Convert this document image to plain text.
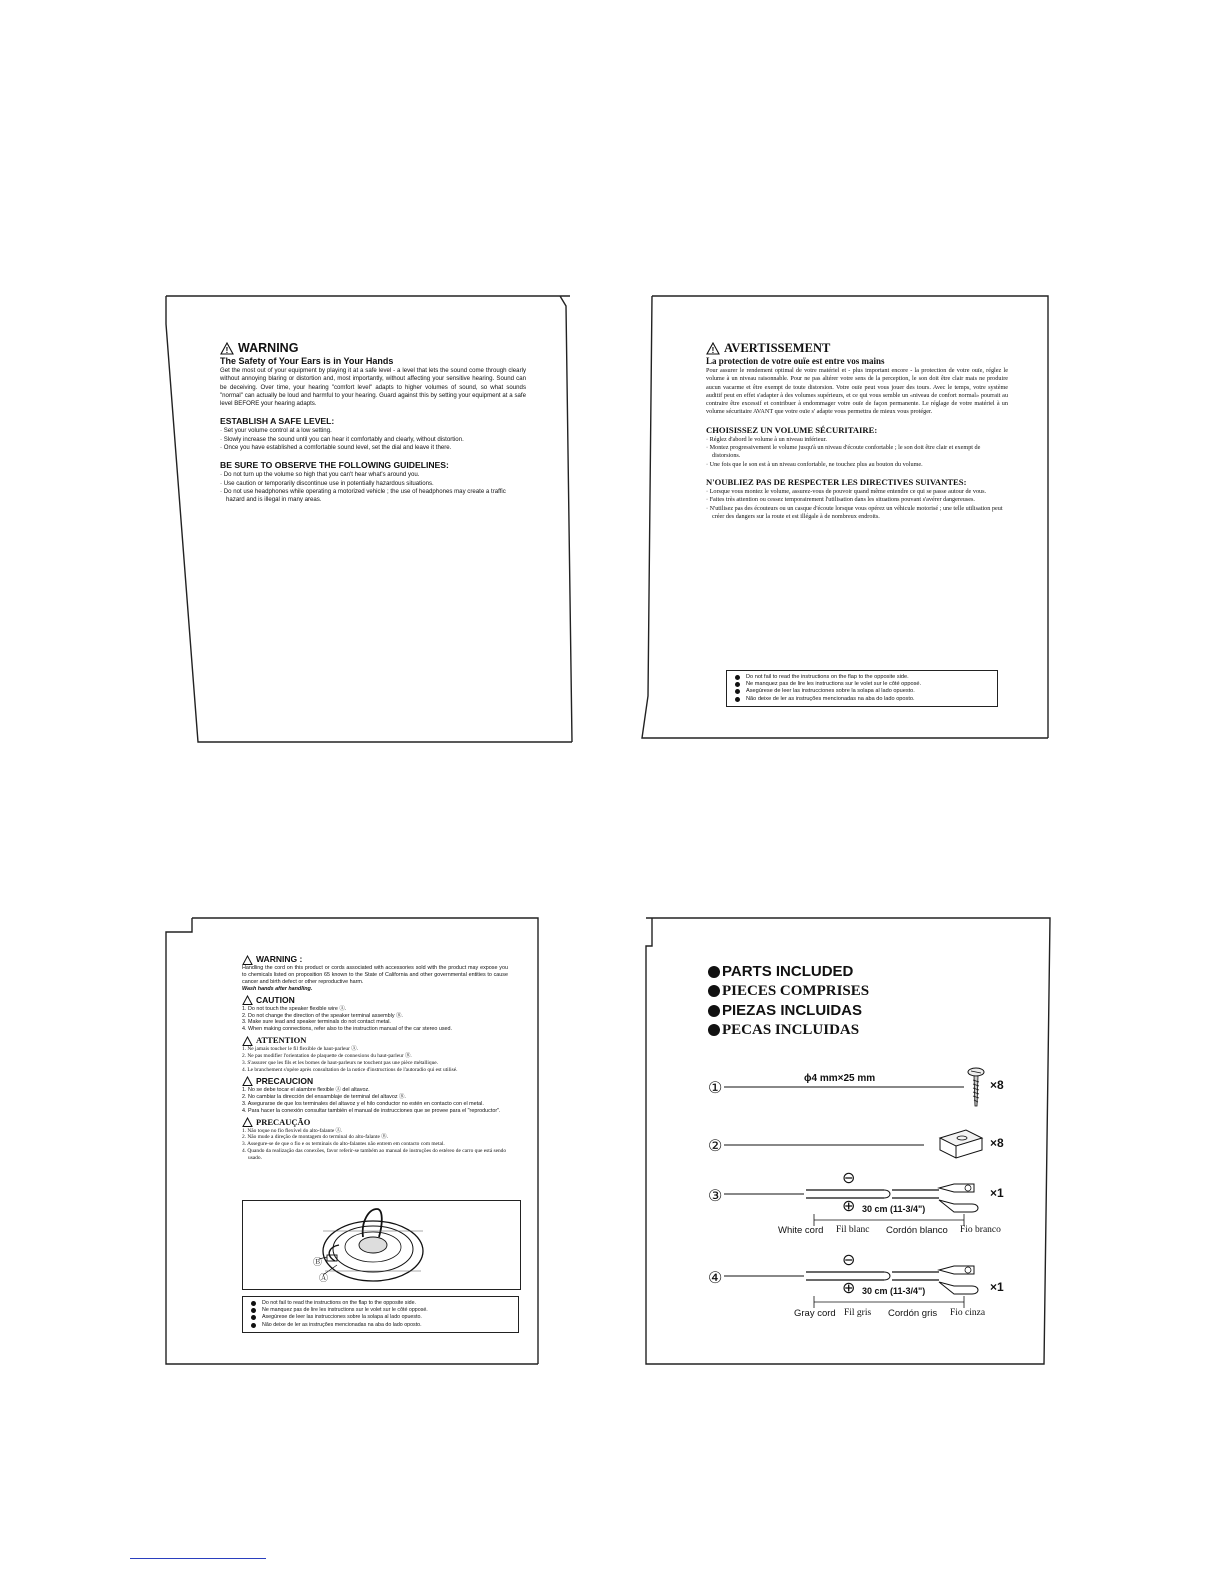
! WARNING
The Safety of Your Ears is in Your Hands

Get the most out of your equipment by playing it at a safe level - a level that lets the sound come through clearly without annoying blaring or distortion and, most importantly, without affecting your sensitive hearing. Sound can be deceiving. Over time, your hearing "comfort level" adapts to higher volumes of sound, so what sounds "normal" can actually be loud and harmful to your hearing. Guard against this by setting your equipment at a safe level BEFORE your hearing adapts.

ESTABLISH A SAFE LEVEL:

· Set your volume control at a low setting.

· Slowly increase the sound until you can hear it comfortably and clearly, without distortion.

· Once you have established a comfortable sound level, set the dial and leave it there.

BE SURE TO OBSERVE THE FOLLOWING GUIDELINES:

· Do not turn up the volume so high that you can't hear what's around you.

· Use caution or temporarily discontinue use in potentially hazardous situations.

· Do not use headphones while operating a motorized vehicle ; the use of headphones may create a traffic hazard and is illegal in many areas.

! AVERTISSEMENT
La protection de votre ouïe est entre vos mains

Pour assurer le rendement optimal de votre matériel et - plus important encore - la protection de votre ouïe, réglez le volume à un niveau raisonnable. Pour ne pas altérer votre sens de la perception, le son doit être clair mais ne produire aucun vacarme et être exempt de toute distorsion. Votre ouïe peut vous jouer des tours. Avec le temps, votre système auditif peut en effet s'adapter à des volumes supérieurs, et ce qui vous semble un «niveau de confort normal» pourrait au contraire être excessif et contribuer à endommager votre ouïe de façon permanente. Le réglage de votre matériel à un volume sécuritaire AVANT que votre ouïe s' adapte vous permettra de mieux vous protéger.

CHOISISSEZ UN VOLUME SÉCURITAIRE:

· Réglez d'abord le volume à un niveau inférieur.

· Montez progressivement le volume jusqu'à un niveau d'écoute confortable ; le son doit être clair et exempt de distorsions.

· Une fois que le son est à un niveau confortable, ne touchez plus au bouton du volume.

N'OUBLIEZ PAS DE RESPECTER LES DIRECTIVES SUIVANTES:

· Lorsque vous montez le volume, assurez-vous de pouvoir quand même entendre ce qui se passe autour de vous.

· Faites très attention ou cessez temporairement l'utilisation dans les situations pouvant s'avérer dangereuses.

· N'utilisez pas des écouteurs ou un casque d'écoute lorsque vous opérez un véhicule motorisé ; une telle utilisation peut créer des dangers sur la route et est illégale à de nombreux endroits.

Do not fail to read the instructions on the flap to the opposite side.
Ne manquez pas de lire les instructions sur le volet sur le côté opposé.
Asegúrese de leer las instrucciones sobre la solapa al lado opuesto.
Não deixe de ler as instruções mencionadas na aba do lado oposto.
WARNING :

Handling the cord on this product or cords associated with accessories sold with the product may expose you to chemicals listed on proposition 65 known to the State of California and other governmental entities to cause cancer and birth defect or other reproductive harm.

Wash hands after handling.

CAUTION

1. Do not touch the speaker flexible wire Ⓐ.

2. Do not change the direction of the speaker terminal assembly Ⓑ.

3. Make sure lead and speaker terminals do not contact metal.

4. When making connections, refer also to the instruction manual of the car stereo used.

ATTENTION

1. Ne jamais toucher le fil flexible de haut-parleur Ⓐ.

2. Ne pas modifier l'orientation de plaquette de connexions du haut-parleur Ⓑ.

3. S'assurer que les fils et les bornes de haut-parleurs ne touchent pas une pièce métallique.

4. Le branchement s'opère après consultation de la notice d'instructions de l'autoradio qui est utilisé.

PRECAUCION

1. No se debe tocar el alambre flexible Ⓐ del altavoz.

2. No cambiar la dirección del ensamblaje de terminal del altavoz Ⓑ.

3. Asegurarse de que los terminales del altavoz y el hilo conductor no estén en contacto con el metal.

4. Para hacer la conexión consultar también el manual de instrucciones que se provee para el "reproductor".

PRECAUÇÃO

1. Não toque no fio flexível do alto-falante Ⓐ.

2. Não mude a direção de montagem do terminal do alto-falante Ⓑ.

3. Assegure-se de que o fio e os terminais do alto-falantes não entrem em contacto com metal.

4. Quando da realização das conexões, favor referir-se também ao manual de instruções do estéreo de carro que está sendo usado.

Ⓑ
Ⓐ
Do not fail to read the instructions on the flap to the opposite side.
Ne manquez pas de lire les instructions sur le volet sur le côté opposé.
Asegúrese de leer las instrucciones sobre la solapa al lado opuesto.
Não deixe de ler as instruções mencionadas na aba do lado oposto.
PARTS INCLUDED
PIECES COMPRISES
PIEZAS INCLUIDAS
PECAS INCLUIDAS
①
ϕ4 mm×25 mm	×8
②	×8
③
⊖
⊕ 30 cm (11-3/4")
×1
White cord Fil blanc Cordón blanco Fio branco
④
⊖
⊕ 30 cm (11-3/4")	×1
Gray cord Fil gris Cordón gris Fio cinza
